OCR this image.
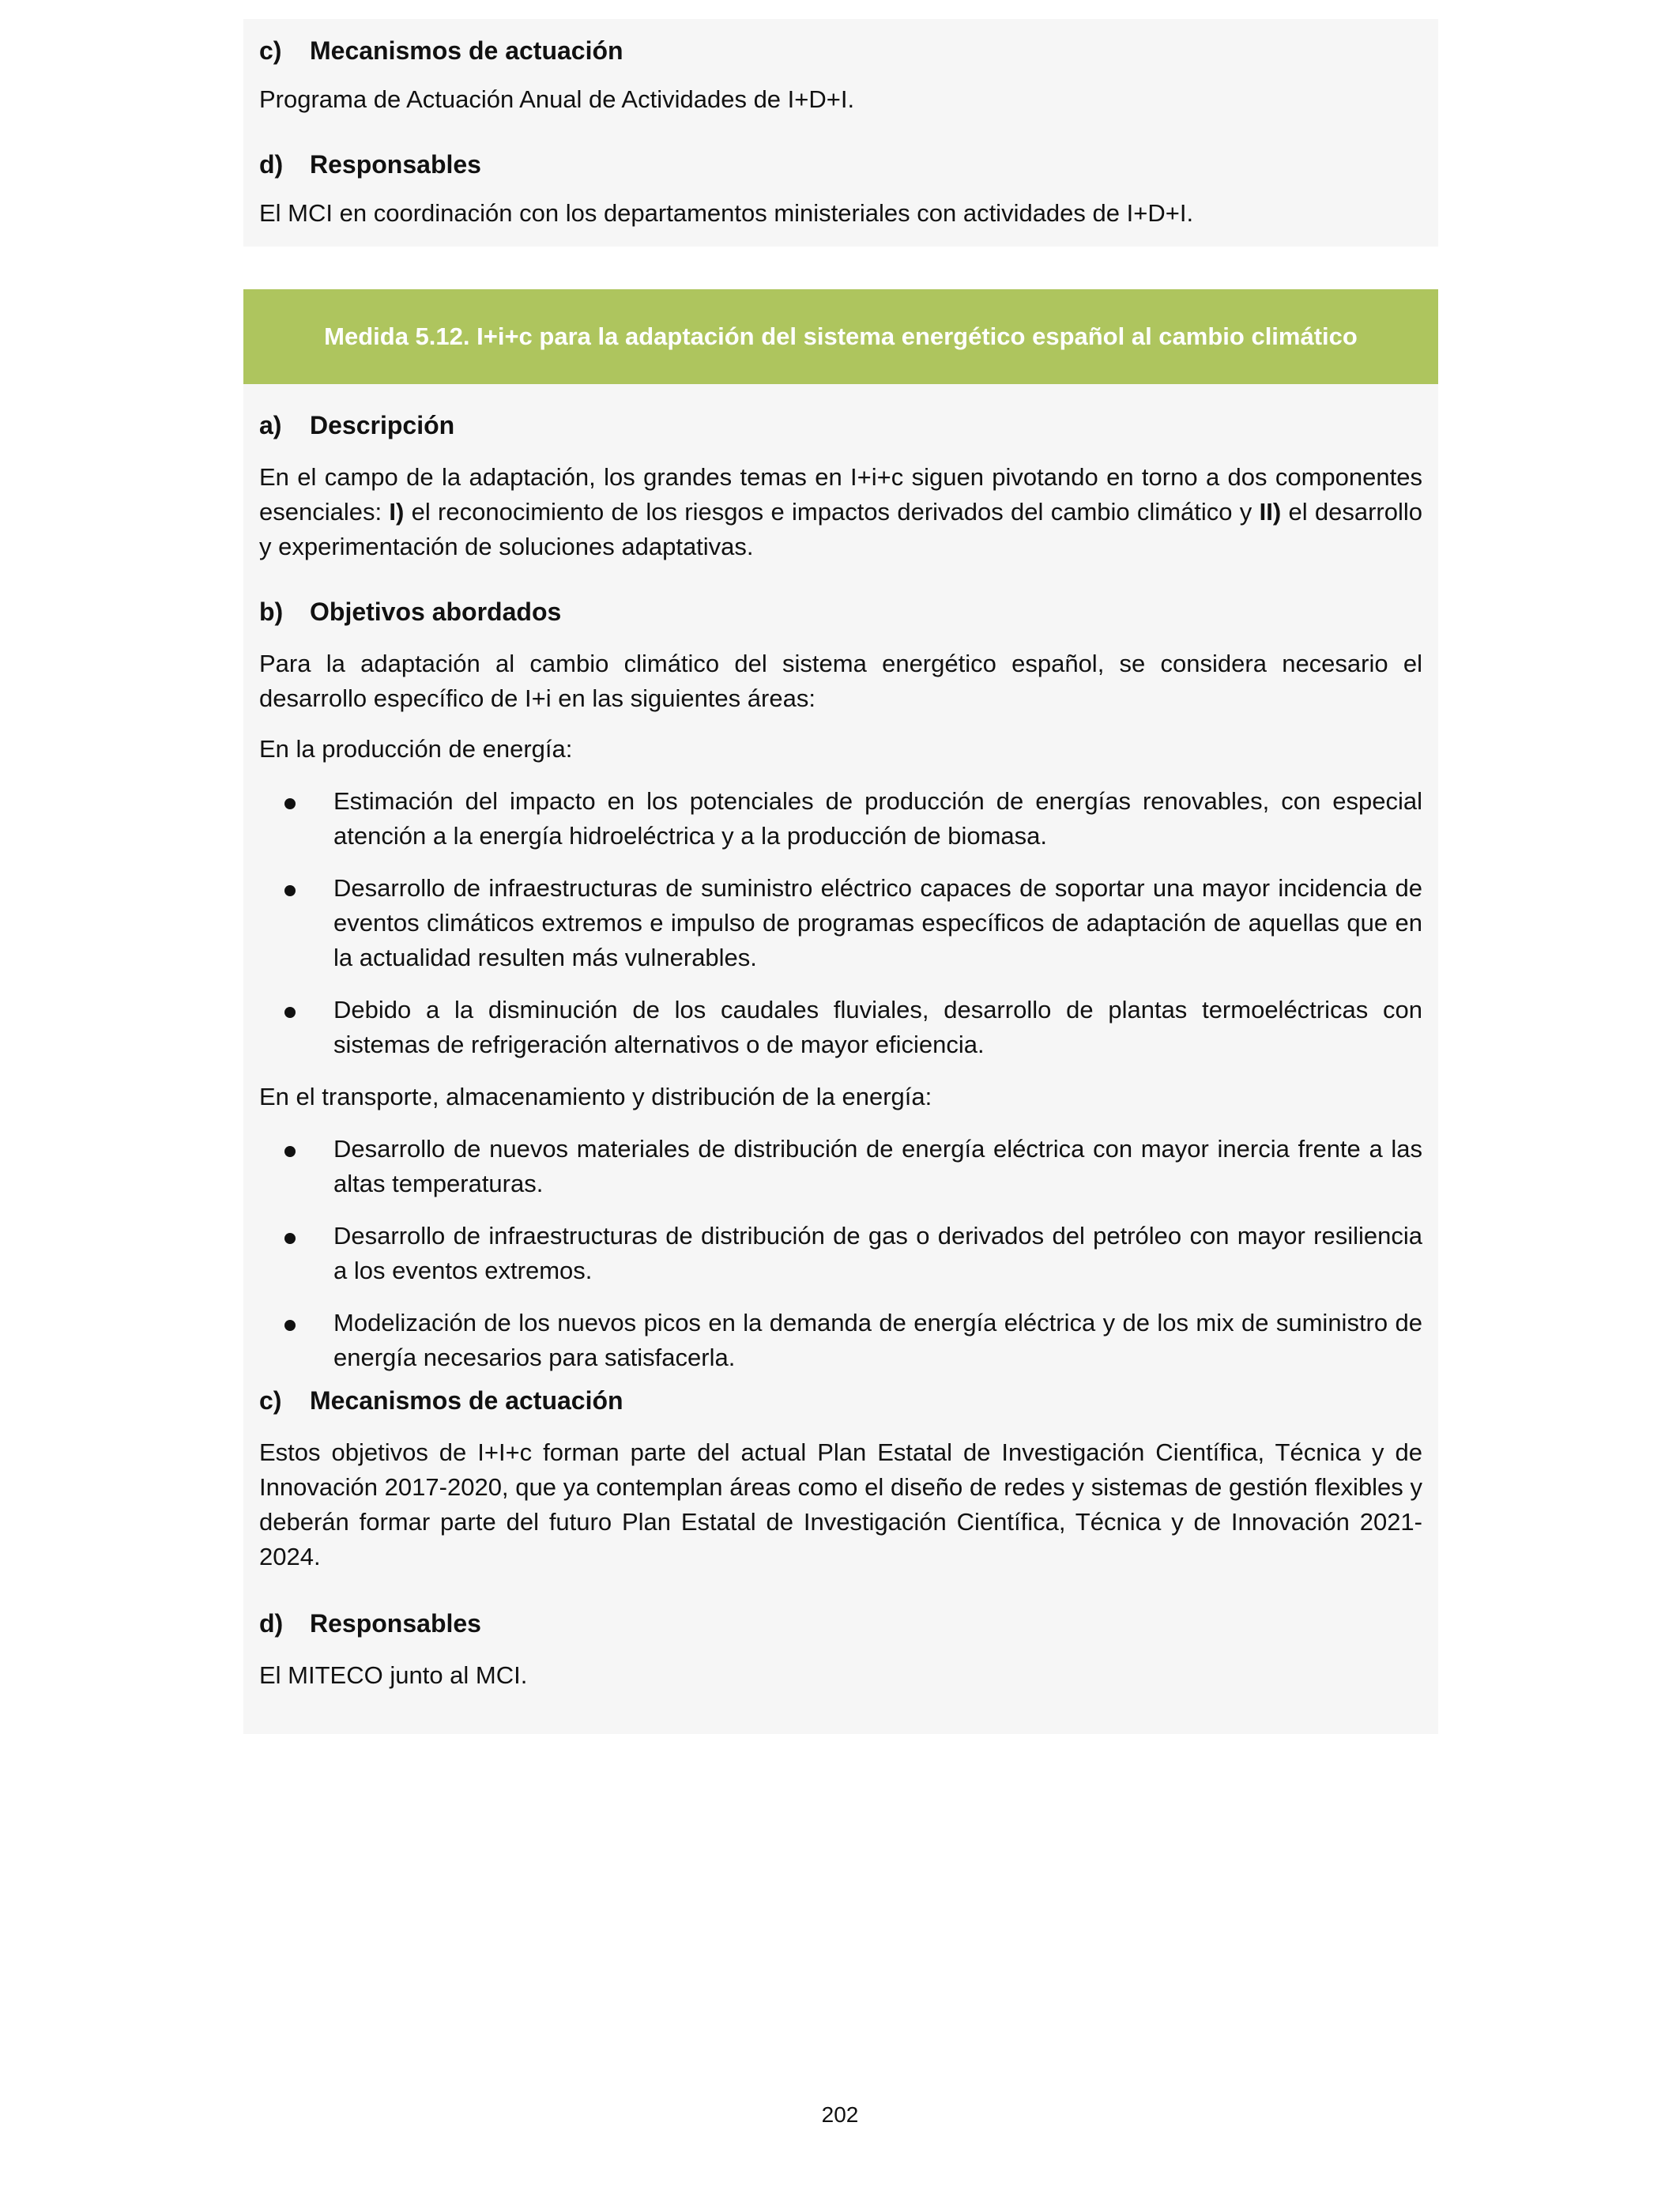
c) Mecanismos de actuación
Programa de Actuación Anual de Actividades de I+D+I.
d) Responsables
El MCI en coordinación con los departamentos ministeriales con actividades de I+D+I.
Medida 5.12. I+i+c para la adaptación del sistema energético español al cambio climático
a) Descripción
En el campo de la adaptación, los grandes temas en I+i+c siguen pivotando en torno a dos componentes esenciales: I) el reconocimiento de los riesgos e impactos derivados del cambio climático y II) el desarrollo y experimentación de soluciones adaptativas.
b) Objetivos abordados
Para la adaptación al cambio climático del sistema energético español, se considera necesario el desarrollo específico de I+i en las siguientes áreas:
En la producción de energía:
Estimación del impacto en los potenciales de producción de energías renovables, con especial atención a la energía hidroeléctrica y a la producción de biomasa.
Desarrollo de infraestructuras de suministro eléctrico capaces de soportar una mayor incidencia de eventos climáticos extremos e impulso de programas específicos de adaptación de aquellas que en la actualidad resulten más vulnerables.
Debido a la disminución de los caudales fluviales, desarrollo de plantas termoeléctricas con sistemas de refrigeración alternativos o de mayor eficiencia.
En el transporte, almacenamiento y distribución de la energía:
Desarrollo de nuevos materiales de distribución de energía eléctrica con mayor inercia frente a las altas temperaturas.
Desarrollo de infraestructuras de distribución de gas o derivados del petróleo con mayor resiliencia a los eventos extremos.
Modelización de los nuevos picos en la demanda de energía eléctrica y de los mix de suministro de energía necesarios para satisfacerla.
c) Mecanismos de actuación
Estos objetivos de I+I+c forman parte del actual Plan Estatal de Investigación Científica, Técnica y de Innovación 2017-2020, que ya contemplan áreas como el diseño de redes y sistemas de gestión flexibles y deberán formar parte del futuro Plan Estatal de Investigación Científica, Técnica y de Innovación 2021-2024.
d) Responsables
El MITECO junto al MCI.
202
